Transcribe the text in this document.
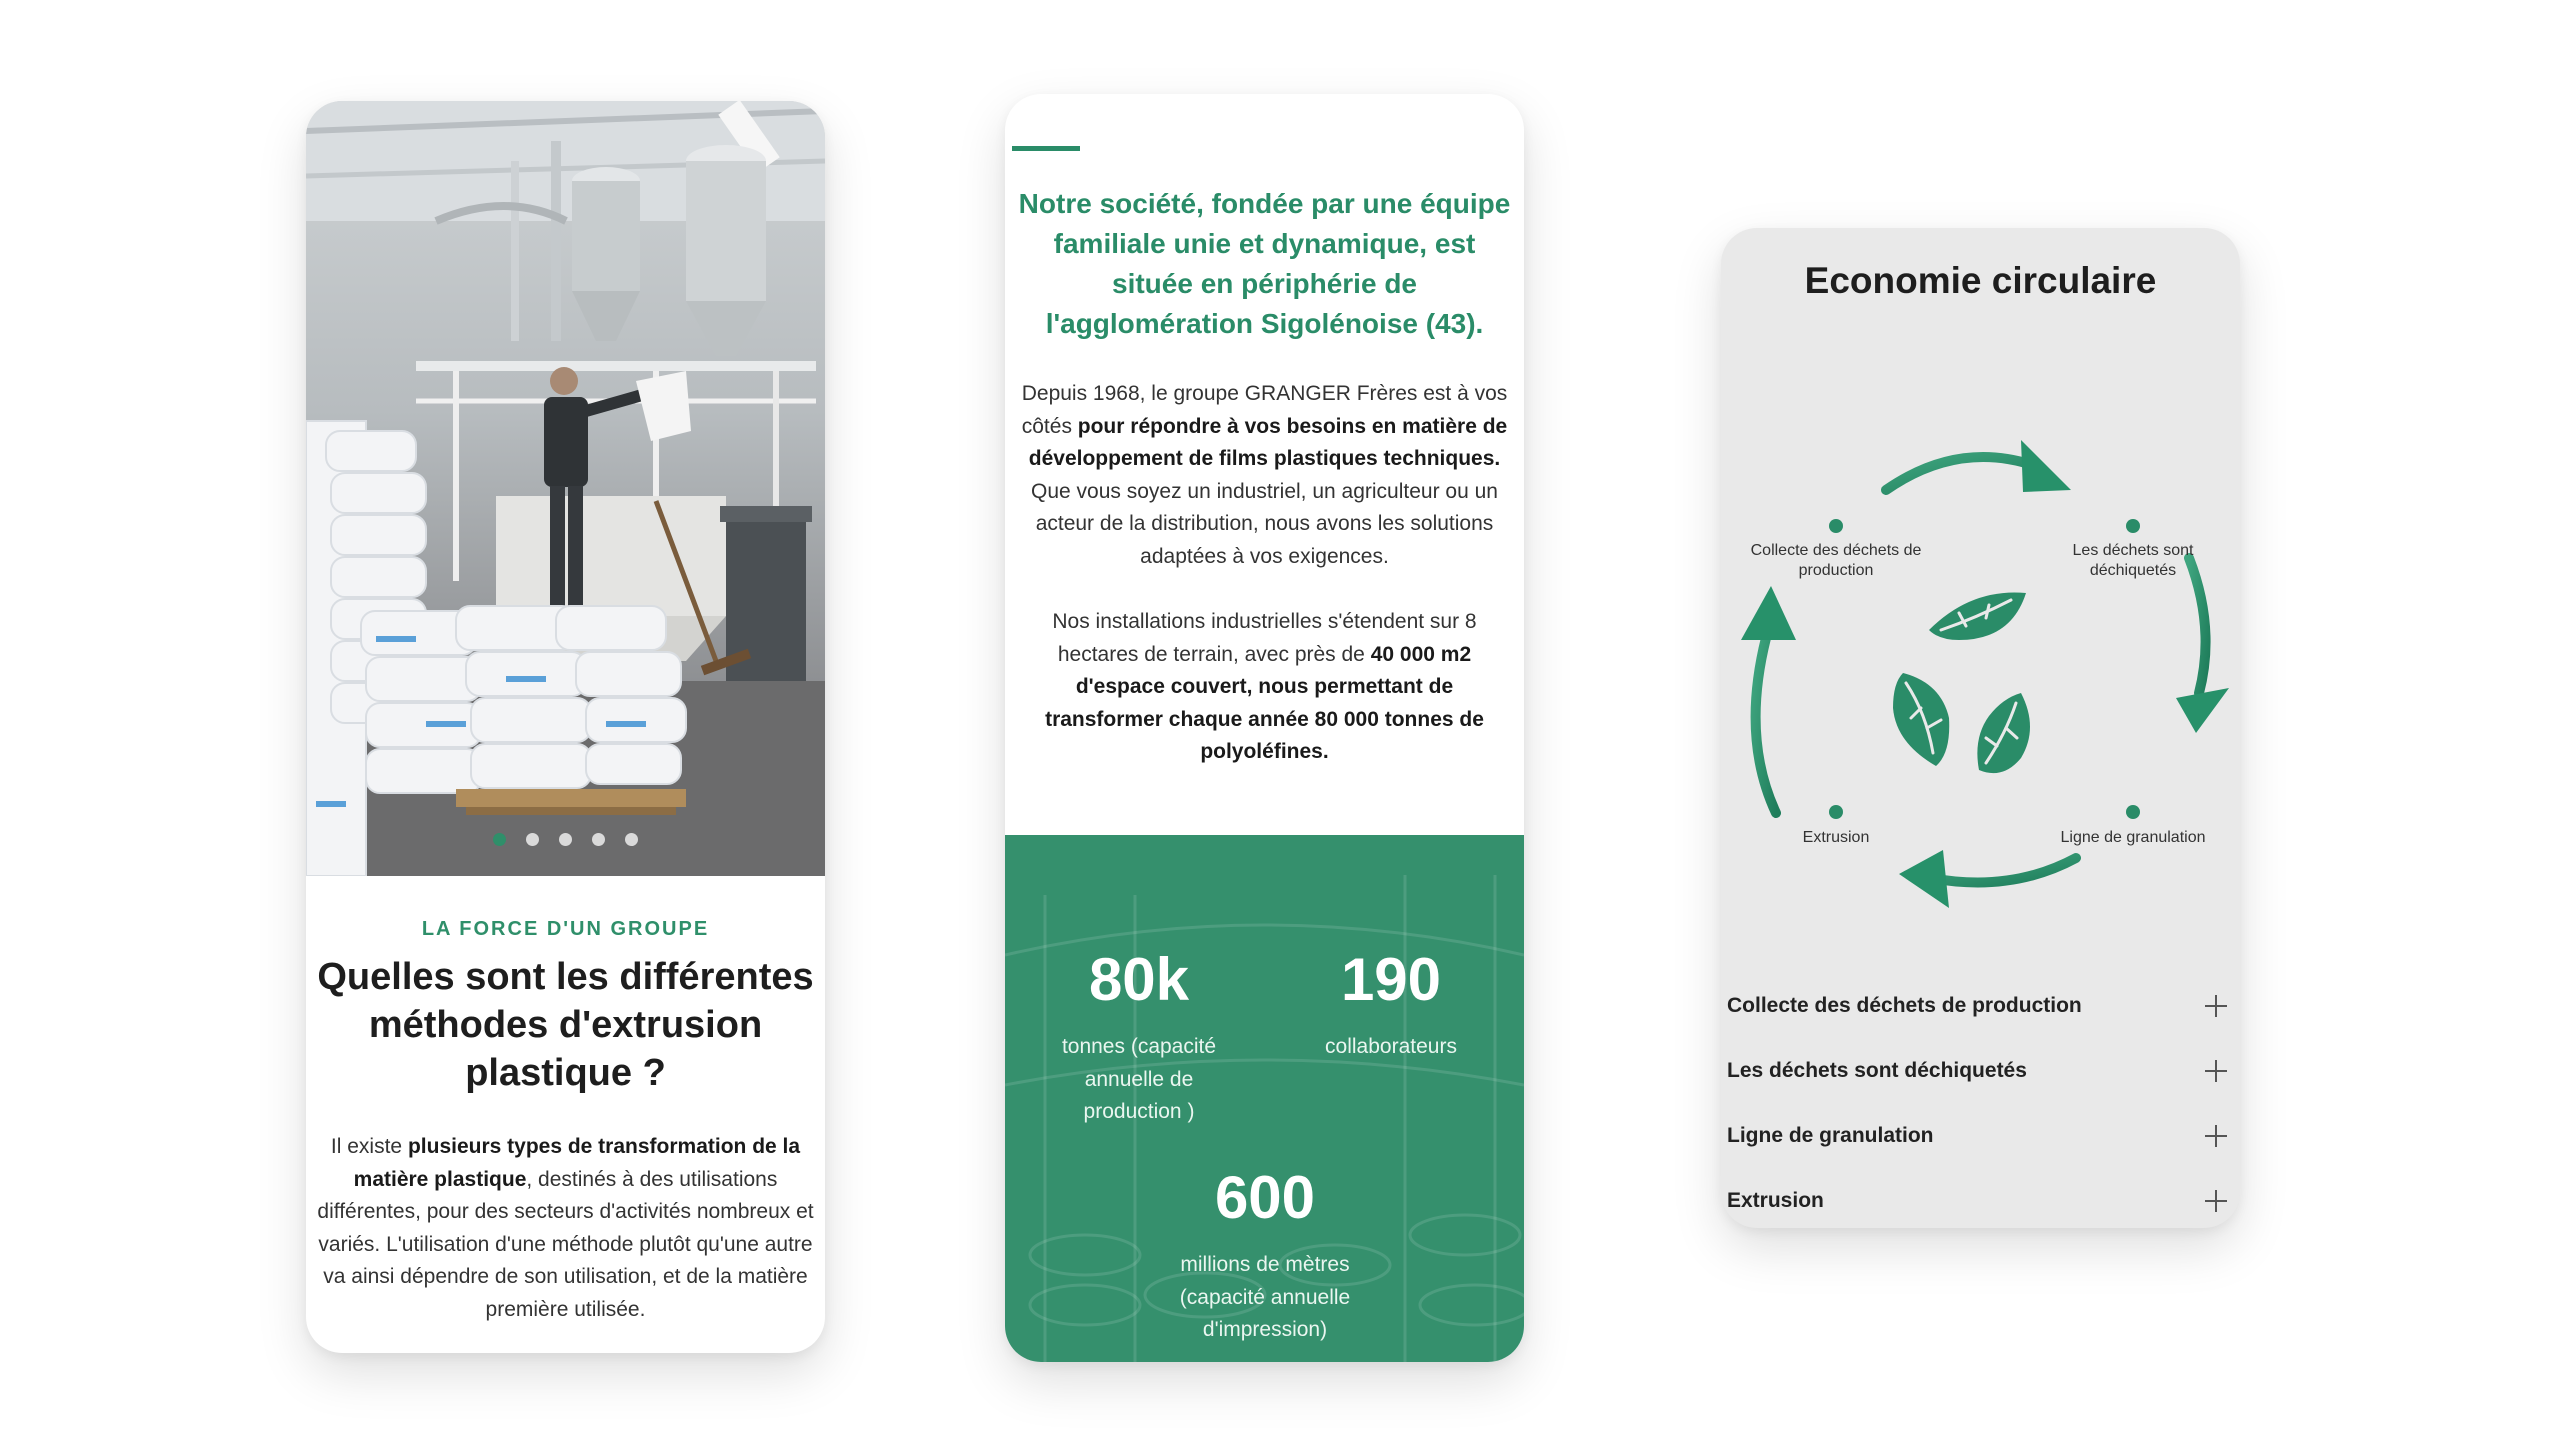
LA FORCE D'UN GROUPE
Quelles sont les différentes méthodes d'extrusion plastique ?

Il existe plusieurs types de transformation de la matière plastique, destinés à des utilisations différentes, pour des secteurs d'activités nombreux et variés. L'utilisation d'une méthode plutôt qu'une autre va ainsi dépendre de son utilisation, et de la matière première utilisée.

Notre société, fondée par une équipe familiale unie et dynamique, est située en périphérie de l'agglomération Sigolénoise (43).

Depuis 1968, le groupe GRANGER Frères est à vos côtés pour répondre à vos besoins en matière de développement de films plastiques techniques. Que vous soyez un industriel, un agriculteur ou un acteur de la distribution, nous avons les solutions adaptées à vos exigences.

Nos installations industrielles s'étendent sur 8 hectares de terrain, avec près de 40 000 m2 d'espace couvert, nous permettant de transformer chaque année 80 000 tonnes de polyoléfines.

80k
tonnes (capacité annuelle de production )
190
collaborateurs
600
millions de mètres (capacité annuelle d'impression)
Economie circulaire
Collecte des déchets de production
Les déchets sont déchiquetés
Ligne de granulation
Extrusion
Collecte des déchets de production
Les déchets sont déchiquetés
Ligne de granulation
Extrusion
